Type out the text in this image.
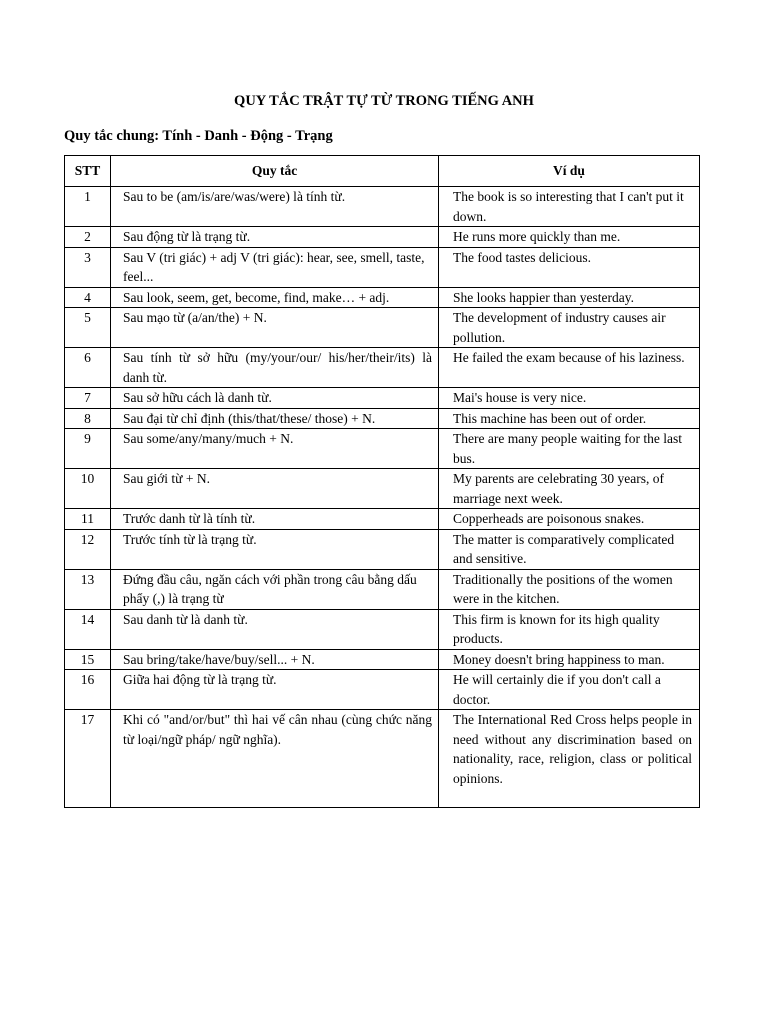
QUY TẮC TRẬT TỰ TỪ TRONG TIẾNG ANH

Quy tắc chung: Tính - Danh - Động - Trạng

STT	Quy tắc	Ví dụ
1	Sau to be (am/is/are/was/were) là tính từ.	The book is so interesting that I can't put it down.
2	Sau động từ là trạng từ.	He runs more quickly than me.
3	Sau V (tri giác) + adj V (tri giác): hear, see, smell, taste, feel...	The food tastes delicious.
4	Sau look, seem, get, become, find, make… + adj.	She looks happier than yesterday.
5	Sau mạo từ (a/an/the) + N.	The development of industry causes air pollution.
6	Sau tính từ sở hữu (my/your/our/ his/her/their/its) là danh từ.	He failed the exam because of his laziness.
7	Sau sở hữu cách là danh từ.	Mai's house is very nice.
8	Sau đại từ chỉ định (this/that/these/ those) + N.	This machine has been out of order.
9	Sau some/any/many/much + N.	There are many people waiting for the last bus.
10	Sau giới từ + N.	My parents are celebrating 30 years, of marriage next week.
11	Trước danh từ là tính từ.	Copperheads are poisonous snakes.
12	Trước tính từ là trạng từ.	The matter is comparatively complicated and sensitive.
13	Đứng đầu câu, ngăn cách với phần trong câu bằng dấu phẩy (,) là trạng từ	Traditionally the positions of the women were in the kitchen.
14	Sau danh từ là danh từ.	This firm is known for its high quality products.
15	Sau bring/take/have/buy/sell... + N.	Money doesn't bring happiness to man.
16	Giữa hai động từ là trạng từ.	He will certainly die if you don't call a doctor.
17	Khi có "and/or/but" thì hai vế cân nhau (cùng chức năng từ loại/ngữ pháp/ ngữ nghĩa).	The International Red Cross helps people in need without any discrimination based on nationality, race, religion, class or political opinions.
